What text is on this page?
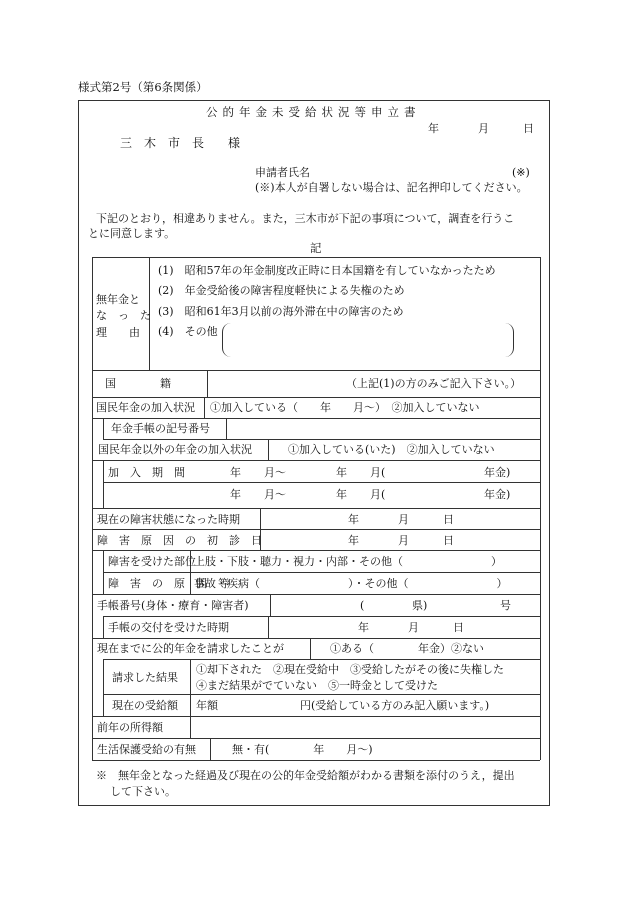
様式第2号（第6条関係）
公的年金未受給状況等申立書
年	月	日
三　木　市　長　　様
申請者氏名	(※)
(※)本人が自署しない場合は、記名押印してください。
下記のとおり，相違ありません。また，三木市が下記の事項について，調査を行うこ
とに同意します。
記
無年金と
な　っ　た
理　　由
(1)　昭和57年の年金制度改正時に日本国籍を有していなかったため
(2)　年金受給後の障害程度軽快による失権のため
(3)　昭和61年3月以前の海外滞在中の障害のため
(4)　その他
国　　　　籍	（上記(1)の方のみご記入下さい。）
国民年金の加入状況 ①加入している（　　年　　月～）　②加入していない
年金手帳の記号番号
国民年金以外の年金の加入状況	①加入している(いた)　②加入していない
加　入　期　間	年 月～	年 月(	年金)
年 月～	年 月(	年金)
現在の障害状態になった時期	年	月	日
障　害　原　因　の　初　診　日	年	月	日
障害を受けた部位
上肢・下肢・聴力・視力・内部・その他（　　　　　　　　）
障　害　の　原　因　等
事故・疾病（　　　　　　　　）・その他（　　　　　　　　）
手帳番号(身体・療育・障害者)	(	県)	号
手帳の交付を受けた時期	年	月	日
現在までに公的年金を請求したことが	①ある（　　　　年金）②ない
請求した結果
①却下された　②現在受給中　③受給したがその後に失権した
④まだ結果がでていない　⑤一時金として受けた
現在の受給額 年額	円(受給している方のみ記入願います。)
前年の所得額
生活保護受給の有無	無・有(　　　　年　　月～)
※　無年金となった経過及び現在の公的年金受給額がわかる書類を添付のうえ，提出
して下さい。
